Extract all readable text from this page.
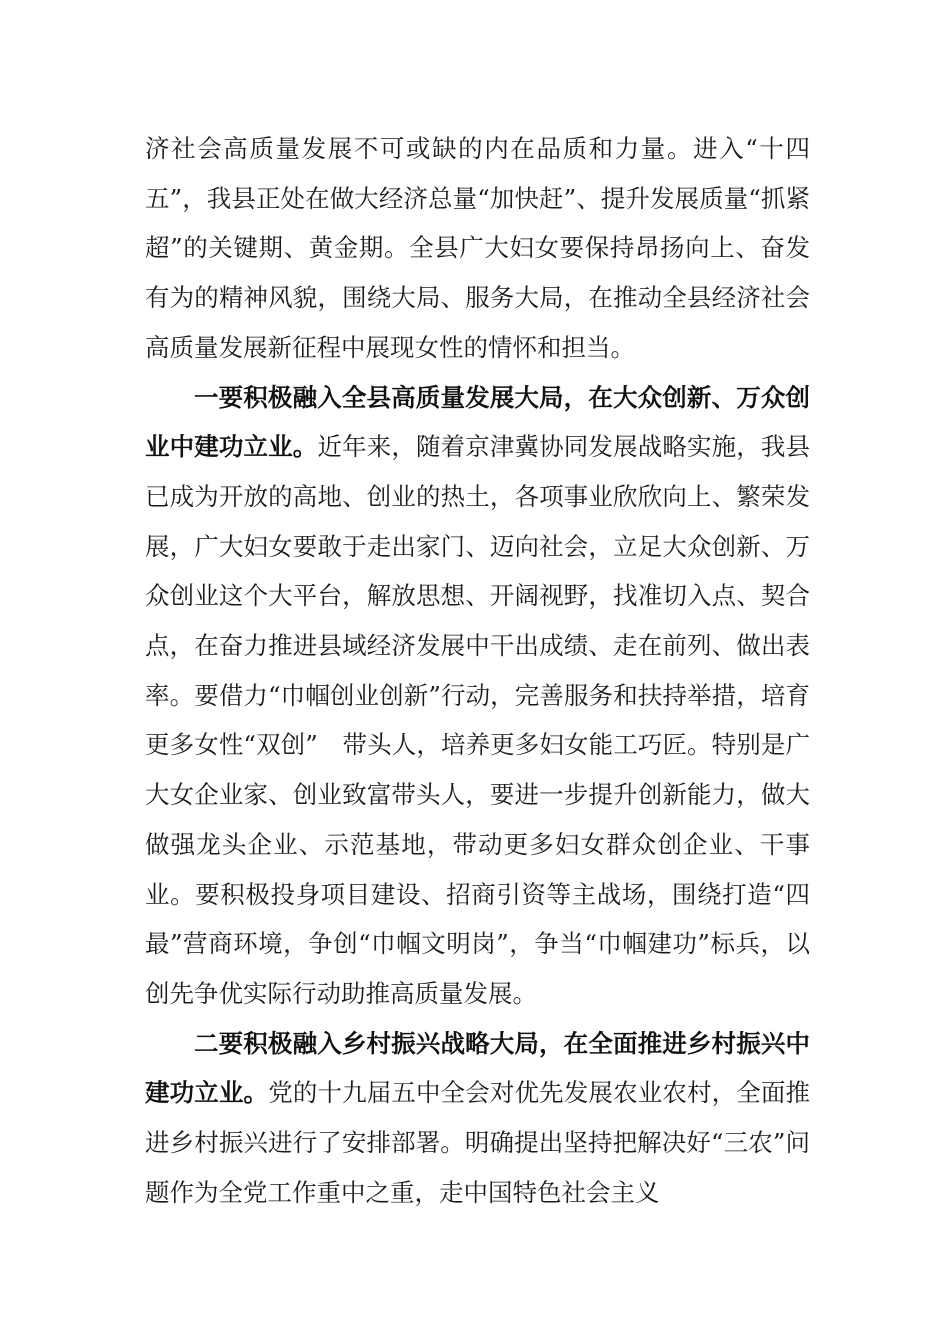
济社会高质量发展不可或缺的内在品质和力量。进入“十四五”，我县正处在做大经济总量“加快赶”、提升发展质量“抓紧超”的关键期、黄金期。全县广大妇女要保持昂扬向上、奋发有为的精神风貌，围绕大局、服务大局，在推动全县经济社会高质量发展新征程中展现女性的情怀和担当。

一要积极融入全县高质量发展大局，在大众创新、万众创业中建功立业。近年来，随着京津冀协同发展战略实施，我县已成为开放的高地、创业的热土，各项事业欣欣向上、繁荣发展，广大妇女要敢于走出家门、迈向社会，立足大众创新、万众创业这个大平台，解放思想、开阔视野，找准切入点、契合点，在奋力推进县域经济发展中干出成绩、走在前列、做出表率。要借力“巾帼创业创新”行动，完善服务和扶持举措，培育更多女性“双创”　带头人，培养更多妇女能工巧匠。特别是广大女企业家、创业致富带头人，要进一步提升创新能力，做大做强龙头企业、示范基地，带动更多妇女群众创企业、干事业。要积极投身项目建设、招商引资等主战场，围绕打造“四最”营商环境，争创“巾帼文明岗”，争当“巾帼建功”标兵，以创先争优实际行动助推高质量发展。

二要积极融入乡村振兴战略大局，在全面推进乡村振兴中建功立业。党的十九届五中全会对优先发展农业农村，全面推进乡村振兴进行了安排部署。明确提出坚持把解决好“三农”问题作为全党工作重中之重，走中国特色社会主义
